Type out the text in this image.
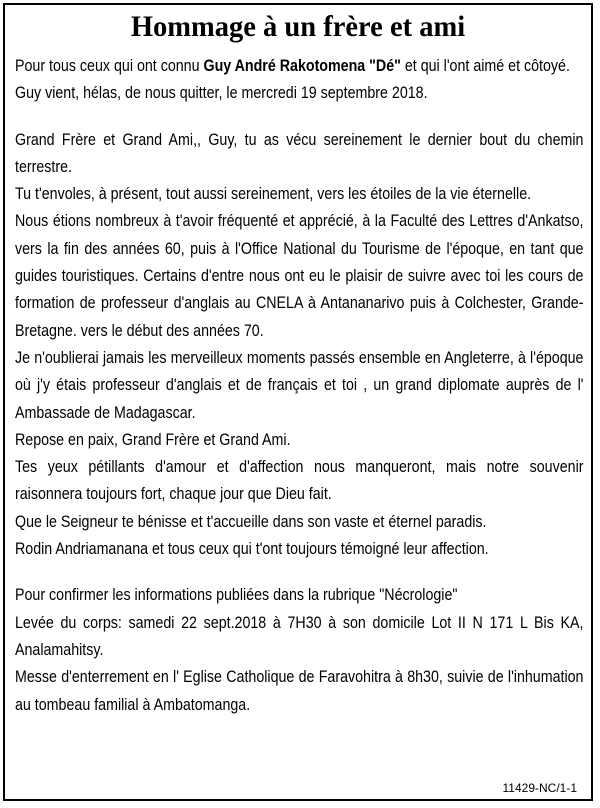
Hommage à un frère et ami

Pour tous ceux qui ont connu Guy André Rakotomena "Dé" et qui l'ont aimé et côtoyé.

Guy vient, hélas, de nous quitter, le mercredi 19 septembre 2018.

Grand Frère et Grand Ami,, Guy, tu as vécu sereinement le dernier bout du chemin terrestre.

Tu t'envoles, à présent, tout aussi sereinement, vers les étoiles de la vie éternelle.

Nous étions nombreux à t'avoir fréquenté et apprécié, à la Faculté des Lettres d'Ankatso, vers la fin des années 60, puis à l'Office National du Tourisme de l'époque, en tant que guides touristiques. Certains d'entre nous ont eu le plaisir de suivre avec toi les cours de formation de professeur d'anglais au CNELA à Antananarivo puis à Colchester, Grande-Bretagne. vers le début des années 70.

Je n'oublierai jamais les merveilleux moments passés ensemble en Angleterre, à l'époque où j'y étais professeur d'anglais et de français et toi , un grand diplomate auprès de l' Ambassade de Madagascar.

Repose en paix, Grand Frère et Grand Ami.

Tes yeux pétillants d'amour et d'affection nous manqueront, mais notre souvenir raisonnera toujours fort, chaque jour que Dieu fait.

Que le Seigneur te bénisse et t'accueille dans son vaste et éternel paradis.

Rodin Andriamanana et tous ceux qui t'ont toujours témoigné leur affection.

Pour confirmer les informations publiées dans la rubrique "Nécrologie"

Levée du corps: samedi 22 sept.2018 à 7H30 à son domicile Lot II N 171 L Bis KA, Analamahitsy.

Messe d'enterrement en l' Eglise Catholique de Faravohitra à 8h30, suivie de l'inhumation au tombeau familial à Ambatomanga.

11429-NC/1-1
